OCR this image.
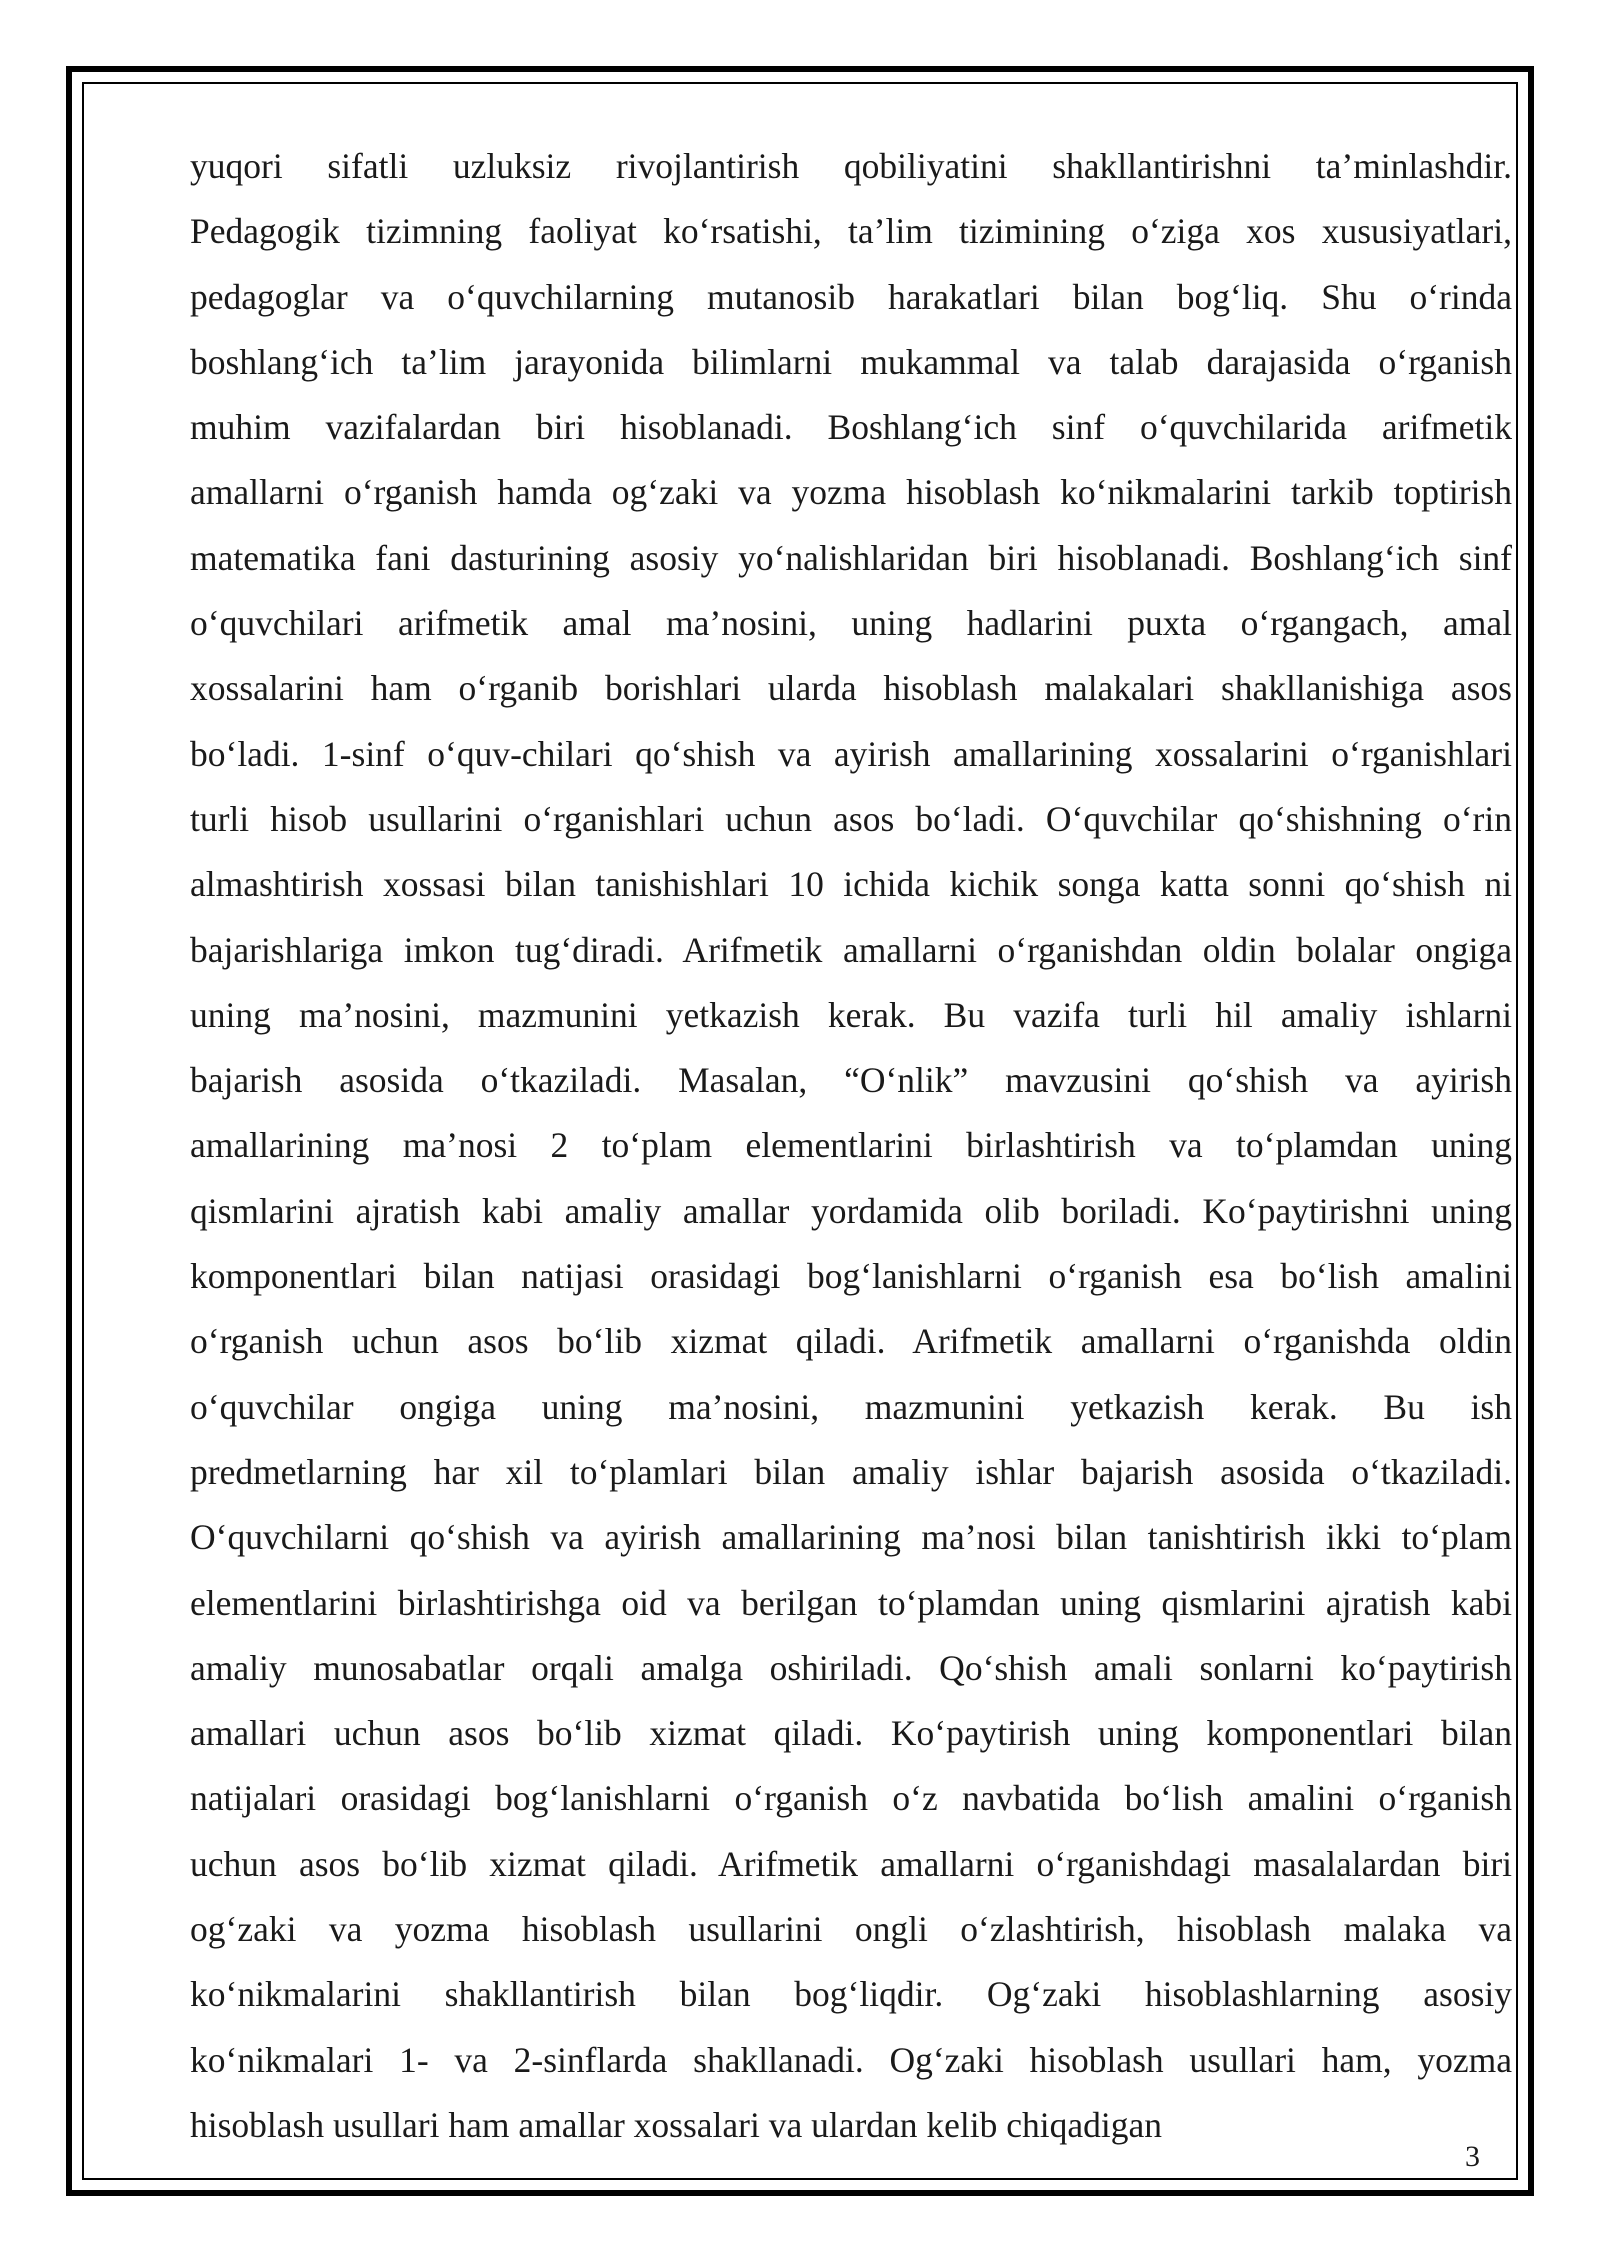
yuqori sifatli uzluksiz rivojlantirish qobiliyatini shakllantirishni ta’minlashdir.
Pedagogik tizimning faoliyat ko‘rsatishi, ta’lim tizimining o‘ziga xos xususiyatlari,
pedagoglar va o‘quvchilarning mutanosib harakatlari bilan bog‘liq. Shu o‘rinda
boshlang‘ich ta’lim jarayonida bilimlarni mukammal va talab darajasida o‘rganish
muhim vazifalardan biri hisoblanadi. Boshlang‘ich sinf o‘quvchilarida arifmetik
amallarni o‘rganish hamda og‘zaki va yozma hisoblash ko‘nikmalarini tarkib toptirish
matematika fani dasturining asosiy yo‘nalishlaridan biri hisoblanadi. Boshlang‘ich sinf
o‘quvchilari arifmetik amal ma’nosini, uning hadlarini puxta o‘rgangach, amal
xossalarini ham o‘rganib borishlari ularda hisoblash malakalari shakllanishiga asos
bo‘ladi. 1-sinf o‘quv-chilari qo‘shish va ayirish amallarining xossalarini o‘rganishlari
turli hisob usullarini o‘rganishlari uchun asos bo‘ladi. O‘quvchilar qo‘shishning o‘rin
almashtirish xossasi bilan tanishishlari 10 ichida kichik songa katta sonni qo‘shish ni
bajarishlariga imkon tug‘diradi. Arifmetik amallarni o‘rganishdan oldin bolalar ongiga
uning ma’nosini, mazmunini yetkazish kerak. Bu vazifa turli hil amaliy ishlarni
bajarish asosida o‘tkaziladi. Masalan, “O‘nlik” mavzusini qo‘shish va ayirish
amallarining ma’nosi 2 to‘plam elementlarini birlashtirish va to‘plamdan uning
qismlarini ajratish kabi amaliy amallar yordamida olib boriladi. Ko‘paytirishni uning
komponentlari bilan natijasi orasidagi bog‘lanishlarni o‘rganish esa bo‘lish amalini
o‘rganish uchun asos bo‘lib xizmat qiladi. Arifmetik amallarni o‘rganishda oldin
o‘quvchilar ongiga uning ma’nosini, mazmunini yetkazish kerak. Bu ish
predmetlarning har xil to‘plamlari bilan amaliy ishlar bajarish asosida o‘tkaziladi.
O‘quvchilarni qo‘shish va ayirish amallarining ma’nosi bilan tanishtirish ikki to‘plam
elementlarini birlashtirishga oid va berilgan to‘plamdan uning qismlarini ajratish kabi
amaliy munosabatlar orqali amalga oshiriladi. Qo‘shish amali sonlarni ko‘paytirish
amallari uchun asos bo‘lib xizmat qiladi. Ko‘paytirish uning komponentlari bilan
natijalari orasidagi bog‘lanishlarni o‘rganish o‘z navbatida bo‘lish amalini o‘rganish
uchun asos bo‘lib xizmat qiladi. Arifmetik amallarni o‘rganishdagi masalalardan biri
og‘zaki va yozma hisoblash usullarini ongli o‘zlashtirish, hisoblash malaka va
ko‘nikmalarini shakllantirish bilan bog‘liqdir. Og‘zaki hisoblashlarning asosiy
ko‘nikmalari 1- va 2-sinflarda shakllanadi. Og‘zaki hisoblash usullari ham, yozma
hisoblash usullari ham amallar xossalari va ulardan kelib chiqadigan
3
